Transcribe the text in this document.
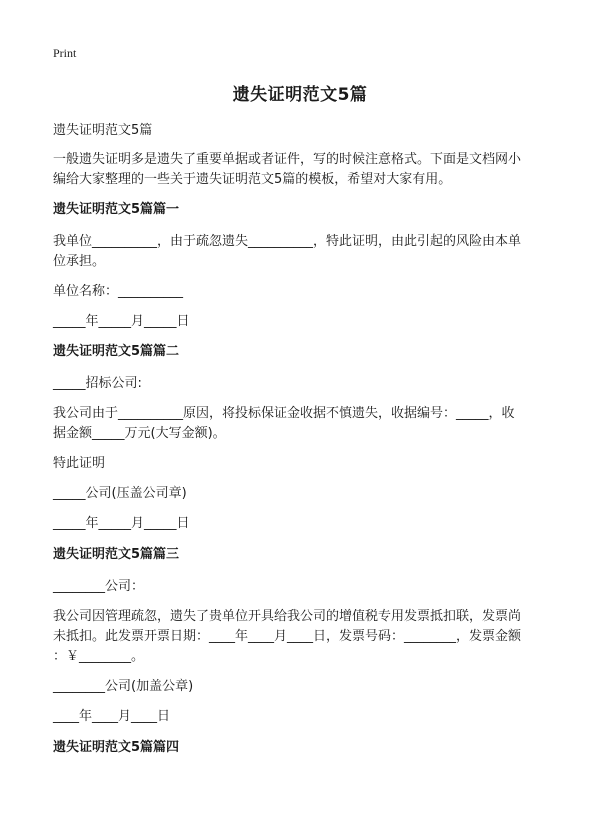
Print
遗失证明范文5篇
遗失证明范文5篇
一般遗失证明多是遗失了重要单据或者证件，写的时候注意格式。下面是文档网小
编给大家整理的一些关于遗失证明范文5篇的模板，希望对大家有用。
遗失证明范文5篇篇一
我单位__________，由于疏忽遗失__________，特此证明，由此引起的风险由本单
位承担。
单位名称：__________
_____年_____月_____日
遗失证明范文5篇篇二
_____招标公司:
我公司由于__________原因，将投标保证金收据不慎遗失，收据编号：_____，收
据金额_____万元(大写金额)。
特此证明
_____公司(压盖公司章)
_____年_____月_____日
遗失证明范文5篇篇三
________公司：
我公司因管理疏忽，遗失了贵单位开具给我公司的增值税专用发票抵扣联，发票尚
未抵扣。此发票开票日期：____年____月____日，发票号码：________，发票金额
：￥________。
________公司(加盖公章)
____年____月____日
遗失证明范文5篇篇四
